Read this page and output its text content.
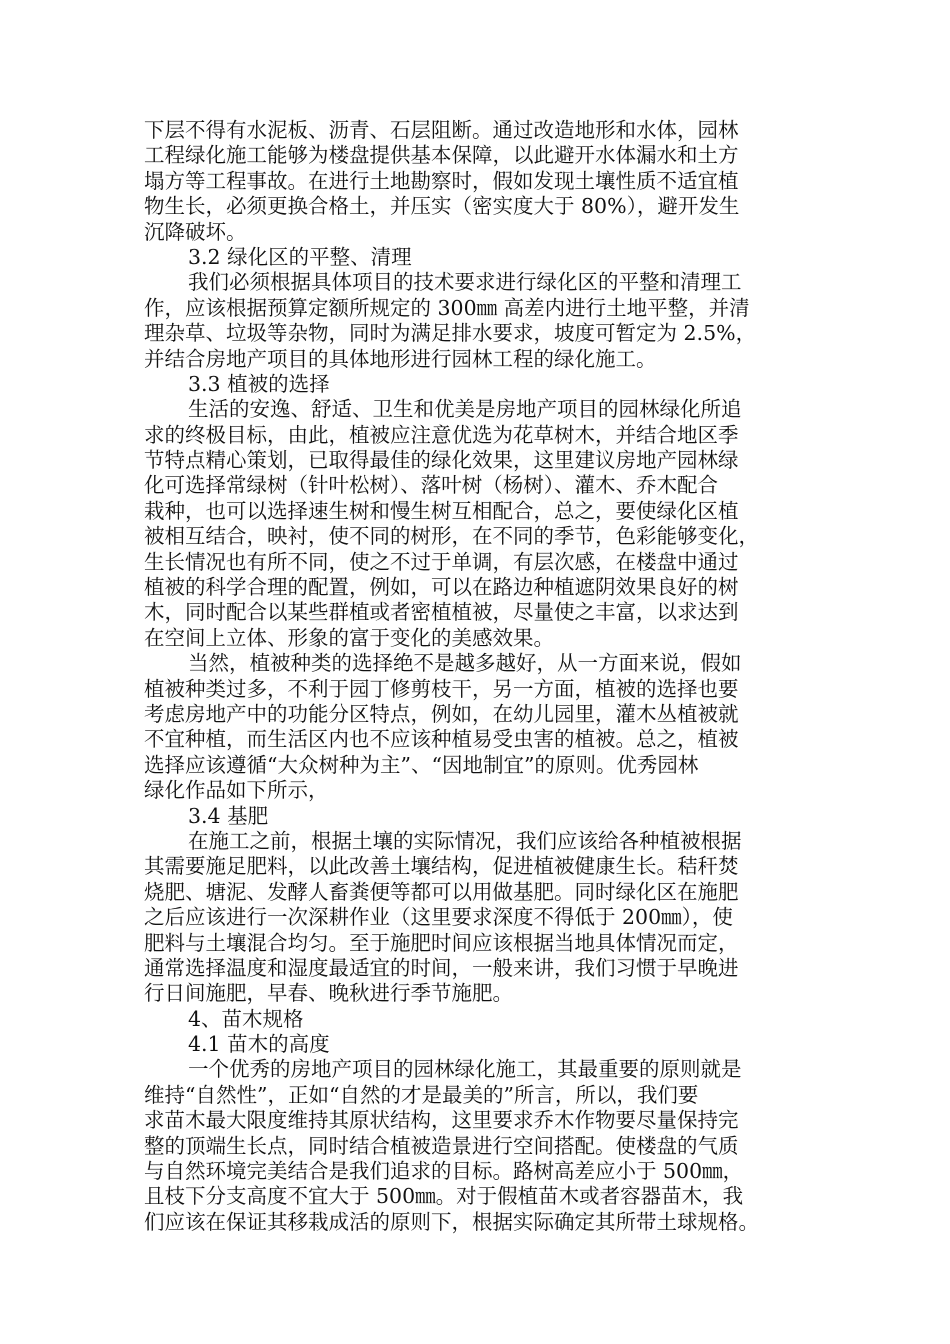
下层不得有水泥板、沥青、石层阻断。通过改造地形和水体，园林
工程绿化施工能够为楼盘提供基本保障，以此避开水体漏水和土方
塌方等工程事故。在进行土地勘察时，假如发现土壤性质不适宜植
物生长，必须更换合格土，并压实（密实度大于 80%），避开发生
沉降破坏。
3.2 绿化区的平整、清理
我们必须根据具体项目的技术要求进行绿化区的平整和清理工
作，应该根据预算定额所规定的 300㎜ 高差内进行土地平整，并清
理杂草、垃圾等杂物，同时为满足排水要求，坡度可暂定为 2.5%，
并结合房地产项目的具体地形进行园林工程的绿化施工。
3.3 植被的选择
生活的安逸、舒适、卫生和优美是房地产项目的园林绿化所追
求的终极目标，由此，植被应注意优选为花草树木，并结合地区季
节特点精心策划，已取得最佳的绿化效果，这里建议房地产园林绿
化可选择常绿树（针叶松树）、落叶树（杨树）、灌木、乔木配合
栽种，也可以选择速生树和慢生树互相配合，总之，要使绿化区植
被相互结合，映衬，使不同的树形，在不同的季节，色彩能够变化，
生长情况也有所不同，使之不过于单调，有层次感，在楼盘中通过
植被的科学合理的配置，例如，可以在路边种植遮阴效果良好的树
木，同时配合以某些群植或者密植植被，尽量使之丰富，以求达到
在空间上立体、形象的富于变化的美感效果。
当然，植被种类的选择绝不是越多越好，从一方面来说，假如
植被种类过多，不利于园丁修剪枝干，另一方面，植被的选择也要
考虑房地产中的功能分区特点，例如，在幼儿园里，灌木丛植被就
不宜种植，而生活区内也不应该种植易受虫害的植被。总之，植被
选择应该遵循“大众树种为主”、“因地制宜”的原则。优秀园林
绿化作品如下所示，
3.4 基肥
在施工之前，根据土壤的实际情况，我们应该给各种植被根据
其需要施足肥料，以此改善土壤结构，促进植被健康生长。秸秆焚
烧肥、塘泥、发酵人畜粪便等都可以用做基肥。同时绿化区在施肥
之后应该进行一次深耕作业（这里要求深度不得低于 200㎜），使
肥料与土壤混合均匀。至于施肥时间应该根据当地具体情况而定，
通常选择温度和湿度最适宜的时间，一般来讲，我们习惯于早晚进
行日间施肥，早春、晚秋进行季节施肥。
4、苗木规格
4.1 苗木的高度
一个优秀的房地产项目的园林绿化施工，其最重要的原则就是
维持“自然性”，正如“自然的才是最美的”所言，所以，我们要
求苗木最大限度维持其原状结构，这里要求乔木作物要尽量保持完
整的顶端生长点，同时结合植被造景进行空间搭配。使楼盘的气质
与自然环境完美结合是我们追求的目标。路树高差应小于 500㎜，
且枝下分支高度不宜大于 500㎜。对于假植苗木或者容器苗木，我
们应该在保证其移栽成活的原则下，根据实际确定其所带土球规格。
